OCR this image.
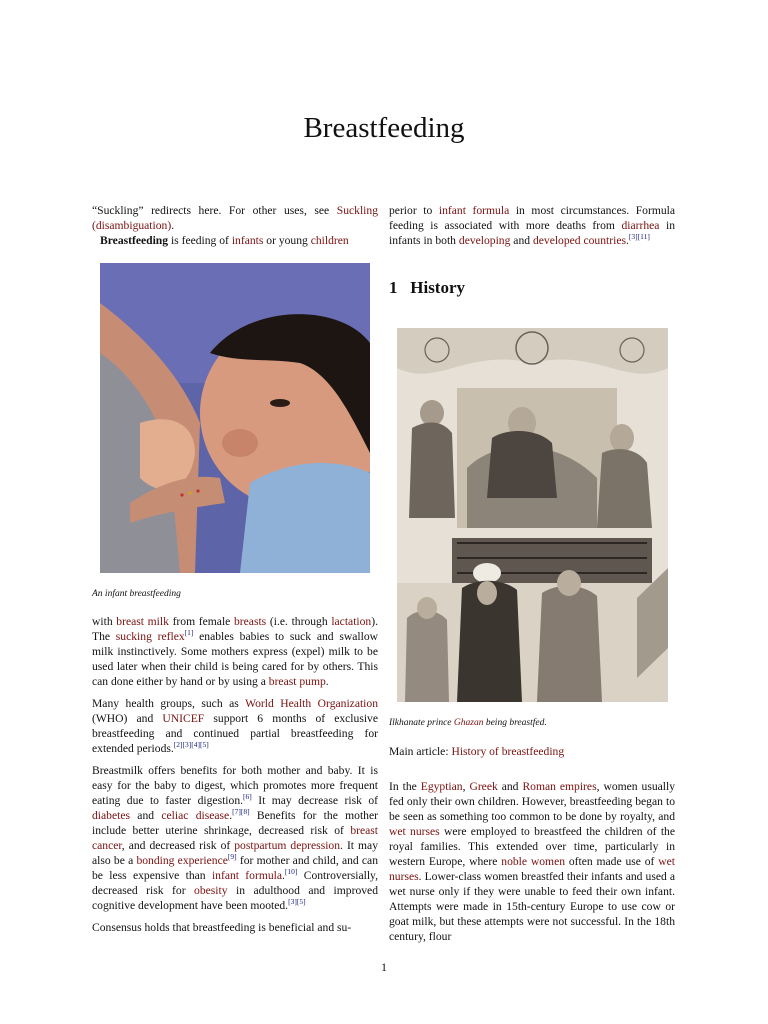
Breastfeeding

“Suckling” redirects here. For other uses, see Suckling (disambiguation).

Breastfeeding is feeding of infants or young children

An infant breastfeeding

with breast milk from female breasts (i.e. through lactation). The sucking reflex[1] enables babies to suck and swallow milk instinctively. Some mothers express (expel) milk to be used later when their child is being cared for by others. This can done either by hand or by using a breast pump.

Many health groups, such as World Health Organization (WHO) and UNICEF support 6 months of exclusive breastfeeding and continued partial breastfeeding for extended periods.[2][3][4][5]

Breastmilk offers benefits for both mother and baby. It is easy for the baby to digest, which promotes more frequent eating due to faster digestion.[6] It may decrease risk of diabetes and celiac disease.[7][8] Benefits for the mother include better uterine shrinkage, decreased risk of breast cancer, and decreased risk of postpartum depression. It may also be a bonding experience[9] for mother and child, and can be less expensive than infant formula.[10] Controversially, decreased risk for obesity in adulthood and improved cognitive development have been mooted.[3][5]

Consensus holds that breastfeeding is beneficial and su-

perior to infant formula in most circumstances. Formula feeding is associated with more deaths from diarrhea in infants in both developing and developed countries.[3][11]

1 History
Ilkhanate prince Ghazan being breastfed.
Main article: History of breastfeeding

In the Egyptian, Greek and Roman empires, women usually fed only their own children. However, breastfeeding began to be seen as something too common to be done by royalty, and wet nurses were employed to breastfeed the children of the royal families. This extended over time, particularly in western Europe, where noble women often made use of wet nurses. Lower-class women breastfed their infants and used a wet nurse only if they were unable to feed their own infant. Attempts were made in 15th-century Europe to use cow or goat milk, but these attempts were not successful. In the 18th century, flour

1
